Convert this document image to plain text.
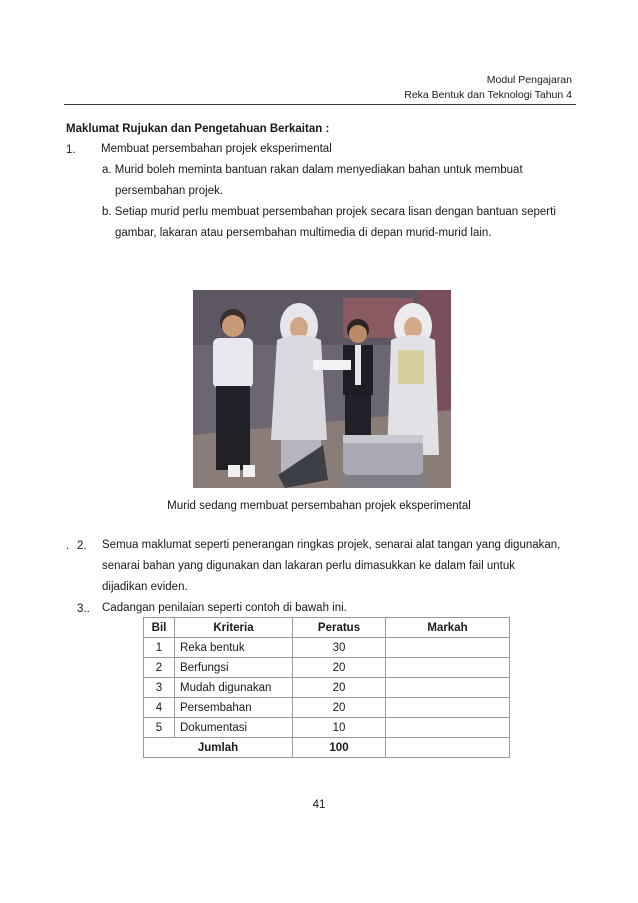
Modul Pengajaran
Reka Bentuk dan Teknologi Tahun 4
Maklumat Rujukan dan Pengetahuan Berkaitan :
1. Membuat persembahan projek eksperimental
a. Murid boleh meminta bantuan rakan dalam menyediakan bahan untuk membuat
persembahan projek.
b. Setiap murid perlu membuat persembahan projek secara lisan dengan bantuan seperti
gambar, lakaran atau persembahan multimedia di depan murid-murid lain.
Murid sedang membuat persembahan projek eksperimental
. 2. Semua maklumat seperti penerangan ringkas projek, senarai alat tangan yang digunakan,
senarai bahan yang digunakan dan lakaran perlu dimasukkan ke dalam fail untuk
dijadikan eviden.
3.. Cadangan penilaian seperti contoh di bawah ini.
Bil	Kriteria	Peratus	Markah
1	Reka bentuk	30	
2	Berfungsi	20	
3	Mudah digunakan	20	
4	Persembahan	20	
5	Dokumentasi	10	
Jumlah		100	
41
